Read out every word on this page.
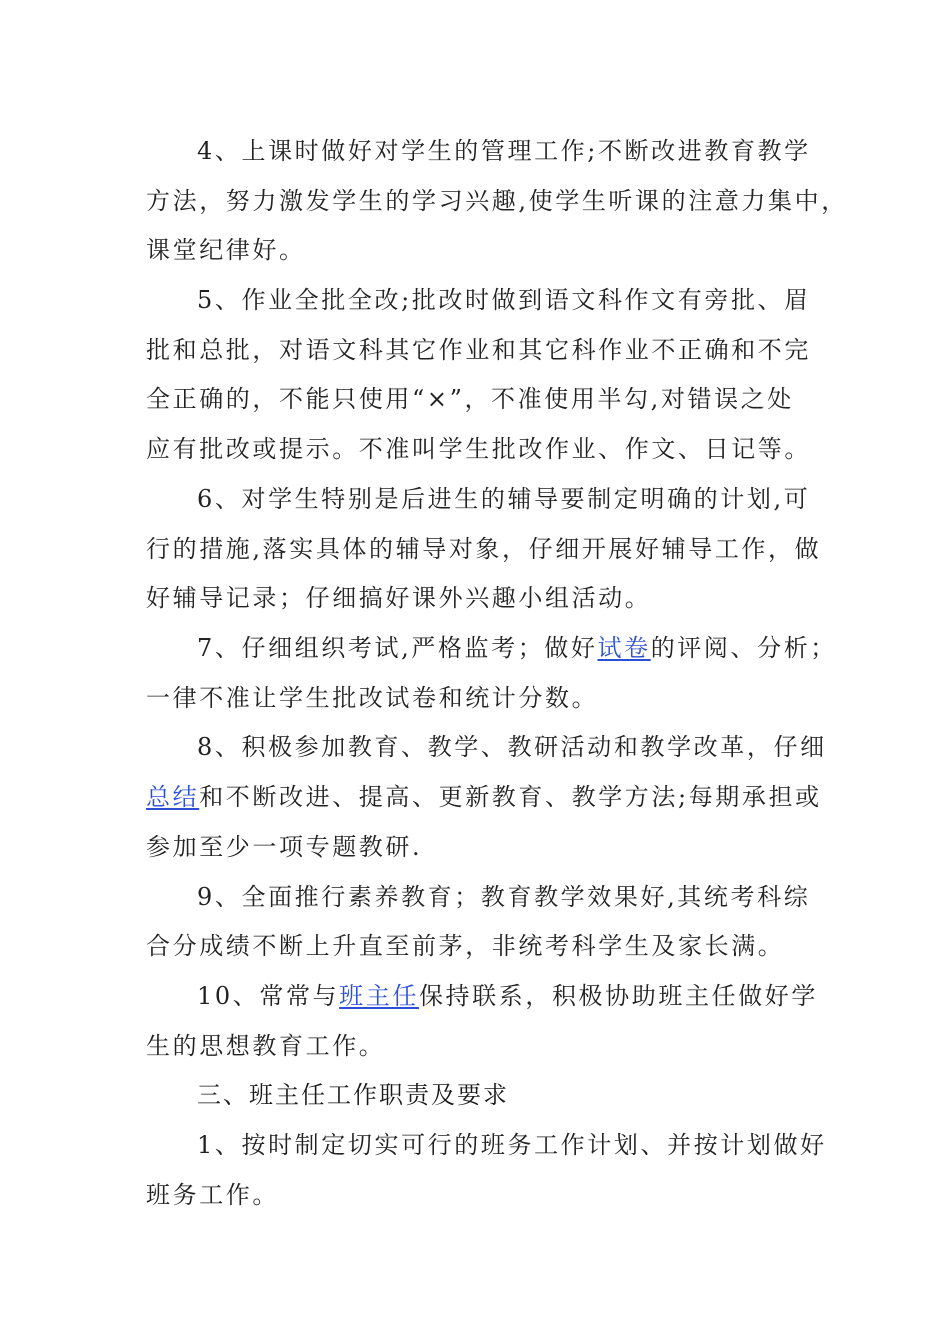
4、上课时做好对学生的管理工作;不断改进教育教学
方法，努力激发学生的学习兴趣,使学生听课的注意力集中，
课堂纪律好。
5、作业全批全改;批改时做到语文科作文有旁批、眉
批和总批，对语文科其它作业和其它科作业不正确和不完
全正确的，不能只使用“×”，不准使用半勾,对错误之处
应有批改或提示。不准叫学生批改作业、作文、日记等。
6、对学生特别是后进生的辅导要制定明确的计划,可
行的措施,落实具体的辅导对象，仔细开展好辅导工作，做
好辅导记录；仔细搞好课外兴趣小组活动。
7、仔细组织考试,严格监考；做好试卷的评阅、分析；
一律不准让学生批改试卷和统计分数。
8、积极参加教育、教学、教研活动和教学改革，仔细
总结和不断改进、提高、更新教育、教学方法;每期承担或
参加至少一项专题教研.
9、全面推行素养教育；教育教学效果好,其统考科综
合分成绩不断上升直至前茅，非统考科学生及家长满。
10、常常与班主任保持联系，积极协助班主任做好学
生的思想教育工作。
三、班主任工作职责及要求
1、按时制定切实可行的班务工作计划、并按计划做好
班务工作。
